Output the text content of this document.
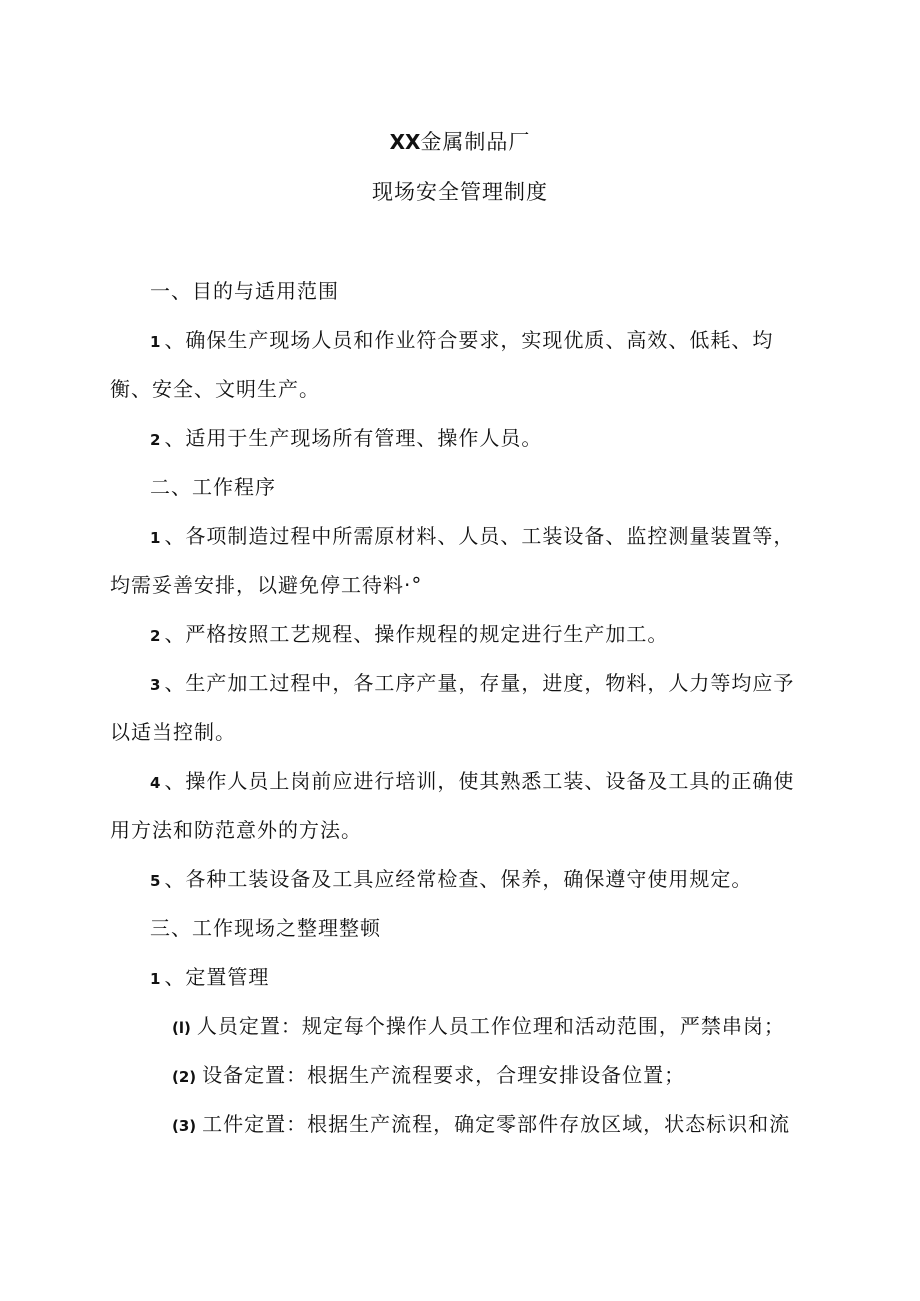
XX金属制品厂
现场安全管理制度
一、目的与适用范围
1 、确保生产现场人员和作业符合要求，实现优质、高效、低耗、均
衡、安全、文明生产。
2 、适用于生产现场所有管理、操作人员。
二、工作程序
1 、各项制造过程中所需原材料、人员、工装设备、监控测量装置等，
均需妥善安排，以避免停工待料·°
2 、严格按照工艺规程、操作规程的规定进行生产加工。
3 、生产加工过程中，各工序产量，存量，进度，物料，人力等均应予
以适当控制。
4 、操作人员上岗前应进行培训，使其熟悉工装、设备及工具的正确使
用方法和防范意外的方法。
5 、各种工装设备及工具应经常检查、保养，确保遵守使用规定。
三、工作现场之整理整顿
1 、定置管理
(l) 人员定置：规定每个操作人员工作位理和活动范围，严禁串岗；
(2) 设备定置：根据生产流程要求，合理安排设备位置；
(3) 工件定置：根据生产流程，确定零部件存放区域，状态标识和流
